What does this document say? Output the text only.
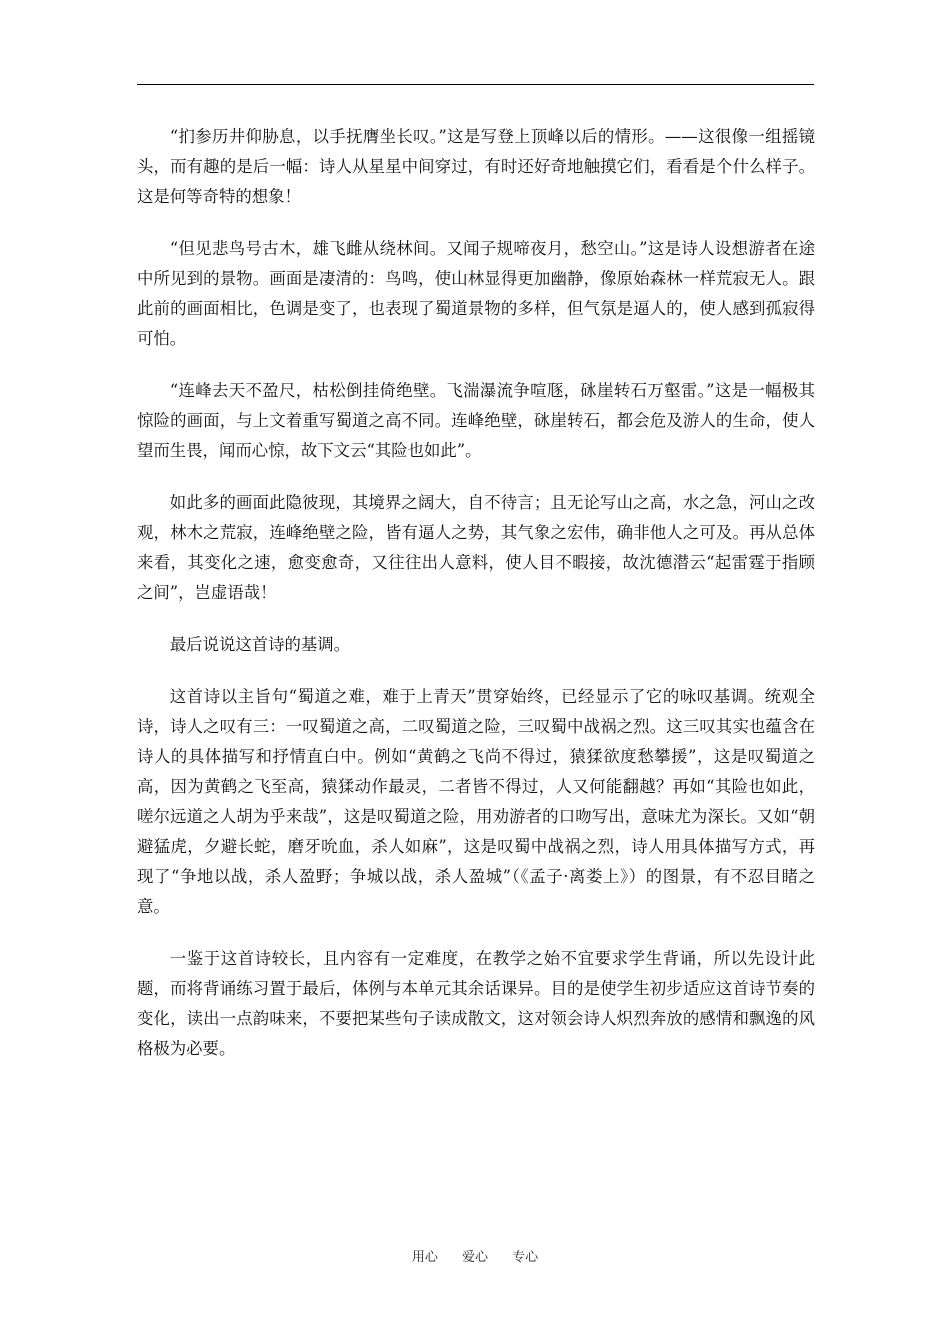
“扪参历井仰胁息，以手抚膺坐长叹。”这是写登上顶峰以后的情形。——这很像一组摇镜头，而有趣的是后一幅：诗人从星星中间穿过，有时还好奇地触摸它们，看看是个什么样子。这是何等奇特的想象！

“但见悲鸟号古木，雄飞雌从绕林间。又闻子规啼夜月，愁空山。”这是诗人设想游者在途中所见到的景物。画面是凄清的：鸟鸣，使山林显得更加幽静，像原始森林一样荒寂无人。跟此前的画面相比，色调是变了，也表现了蜀道景物的多样，但气氛是逼人的，使人感到孤寂得可怕。

“连峰去天不盈尺，枯松倒挂倚绝壁。飞湍瀑流争喧豗，砯崖转石万壑雷。”这是一幅极其惊险的画面，与上文着重写蜀道之高不同。连峰绝壁，砯崖转石，都会危及游人的生命，使人望而生畏，闻而心惊，故下文云“其险也如此”。

如此多的画面此隐彼现，其境界之阔大，自不待言；且无论写山之高，水之急，河山之改观，林木之荒寂，连峰绝壁之险，皆有逼人之势，其气象之宏伟，确非他人之可及。再从总体来看，其变化之速，愈变愈奇，又往往出人意料，使人目不暇接，故沈德潜云“起雷霆于指顾之间”，岂虚语哉！

最后说说这首诗的基调。

这首诗以主旨句“蜀道之难，难于上青天”贯穿始终，已经显示了它的咏叹基调。统观全诗，诗人之叹有三：一叹蜀道之高，二叹蜀道之险，三叹蜀中战祸之烈。这三叹其实也蕴含在诗人的具体描写和抒情直白中。例如“黄鹤之飞尚不得过，猿猱欲度愁攀援”，这是叹蜀道之高，因为黄鹤之飞至高，猿猱动作最灵，二者皆不得过，人又何能翻越？再如“其险也如此，嗟尔远道之人胡为乎来哉”，这是叹蜀道之险，用劝游者的口吻写出，意味尤为深长。又如“朝避猛虎，夕避长蛇，磨牙吮血，杀人如麻”，这是叹蜀中战祸之烈，诗人用具体描写方式，再现了“争地以战，杀人盈野；争城以战，杀人盈城”（《孟子·离娄上》）的图景，有不忍目睹之意。

一鉴于这首诗较长，且内容有一定难度，在教学之始不宜要求学生背诵，所以先设计此题，而将背诵练习置于最后，体例与本单元其余话课异。目的是使学生初步适应这首诗节奏的变化，读出一点韵味来，不要把某些句子读成散文，这对领会诗人炽烈奔放的感情和飘逸的风格极为必要。

用心 爱心 专心
